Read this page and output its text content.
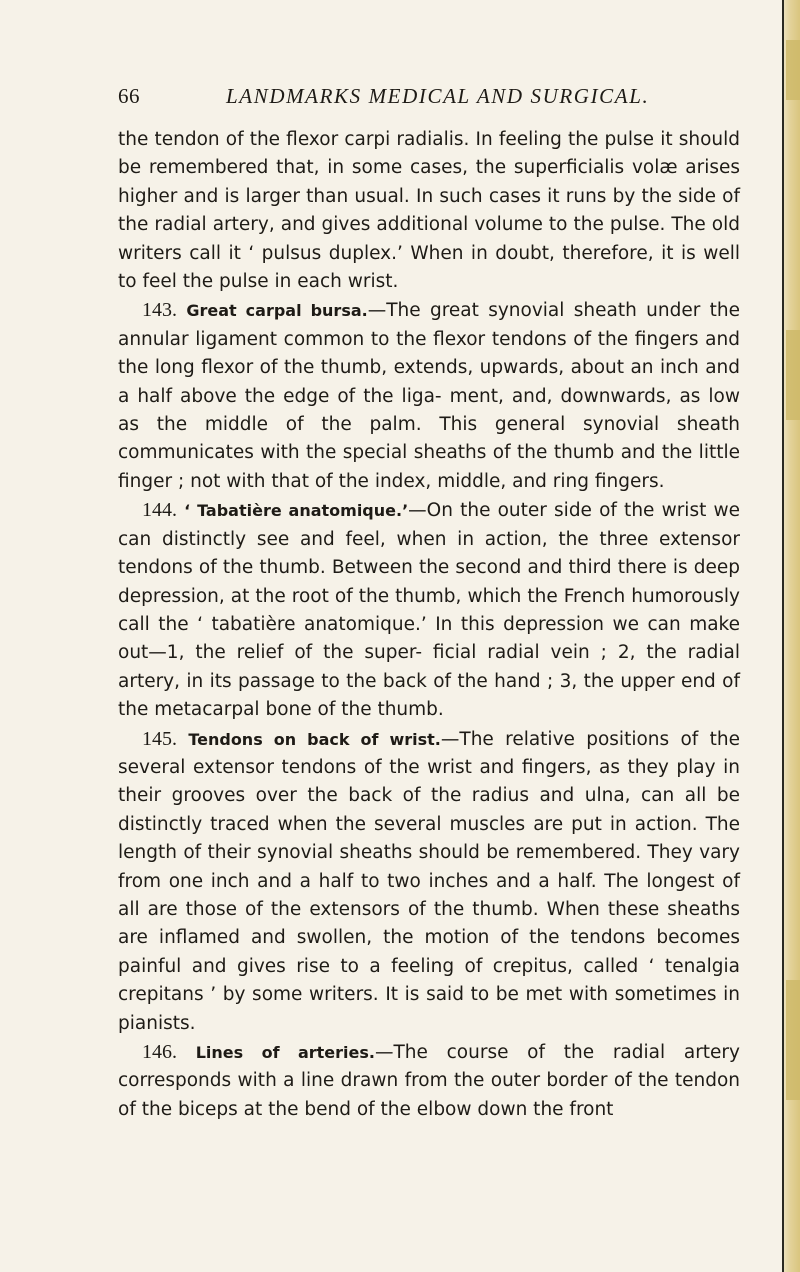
66	LANDMARKS MEDICAL AND SURGICAL.

the tendon of the flexor carpi radialis. In feeling the pulse it should be remembered that, in some cases, the superficialis volæ arises higher and is larger than usual. In such cases it runs by the side of the radial artery, and gives additional volume to the pulse. The old writers call it ‘ pulsus duplex.’ When in doubt, therefore, it is well to feel the pulse in each wrist.

143. Great carpal bursa.—The great synovial sheath under the annular ligament common to the flexor tendons of the fingers and the long flexor of the thumb, extends, upwards, about an inch and a half above the edge of the liga- ment, and, downwards, as low as the middle of the palm. This general synovial sheath communicates with the special sheaths of the thumb and the little finger ; not with that of the index, middle, and ring fingers.

144. ‘ Tabatière anatomique.’—On the outer side of the wrist we can distinctly see and feel, when in action, the three extensor tendons of the thumb. Between the second and third there is deep depression, at the root of the thumb, which the French humorously call the ‘ tabatière anatomique.’ In this depression we can make out—1, the relief of the super- ficial radial vein ; 2, the radial artery, in its passage to the back of the hand ; 3, the upper end of the metacarpal bone of the thumb.

145. Tendons on back of wrist.—The relative positions of the several extensor tendons of the wrist and fingers, as they play in their grooves over the back of the radius and ulna, can all be distinctly traced when the several muscles are put in action. The length of their synovial sheaths should be remembered. They vary from one inch and a half to two inches and a half. The longest of all are those of the extensors of the thumb. When these sheaths are inflamed and swollen, the motion of the tendons becomes painful and gives rise to a feeling of crepitus, called ‘ tenalgia crepitans ’ by some writers. It is said to be met with sometimes in pianists.

146. Lines of arteries.—The course of the radial artery corresponds with a line drawn from the outer border of the tendon of the biceps at the bend of the elbow down the front
